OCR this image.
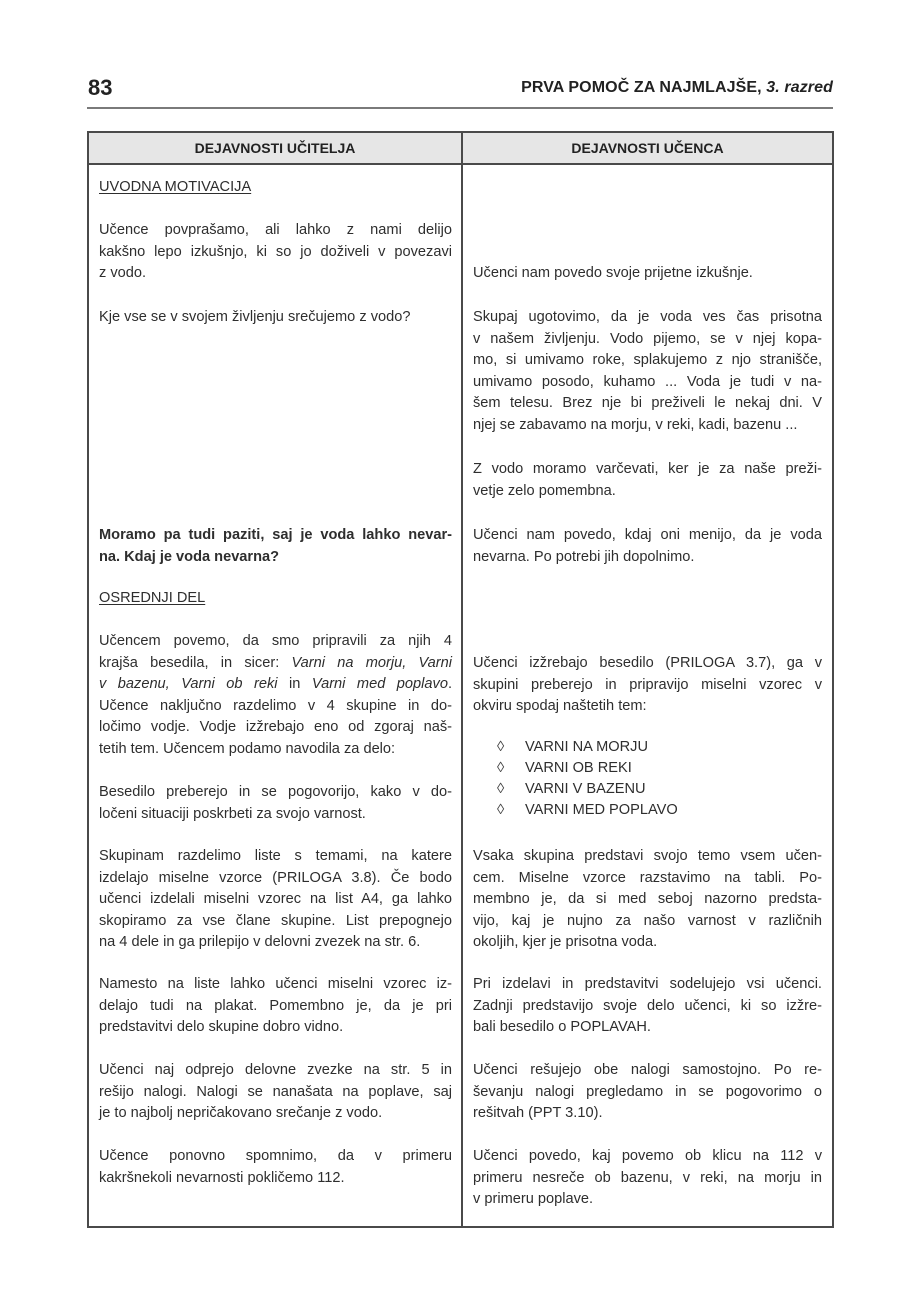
83	PRVA POMOČ ZA NAJMLAJŠE, 3. razred
DEJAVNOSTI UČITELJA	DEJAVNOSTI UČENCA
UVODNA MOTIVACIJA
Učence povprašamo, ali lahko z nami delijo
kakšno lepo izkušnjo, ki so jo doživeli v povezavi
z vodo.
Kje vse se v svojem življenju srečujemo z vodo?
Moramo pa tudi paziti, saj je voda lahko nevar-
na. Kdaj je voda nevarna?
OSREDNJI DEL
Učencem povemo, da smo pripravili za njih 4
krajša besedila, in sicer: Varni na morju, Varni
v bazenu, Varni ob reki in Varni med poplavo.
Učence naključno razdelimo v 4 skupine in do-
ločimo vodje. Vodje izžrebajo eno od zgoraj naš-
tetih tem. Učencem podamo navodila za delo:
Besedilo preberejo in se pogovorijo, kako v do-
ločeni situaciji poskrbeti za svojo varnost.
Skupinam razdelimo liste s temami, na katere
izdelajo miselne vzorce (PRILOGA 3.8). Če bodo
učenci izdelali miselni vzorec na list A4, ga lahko
skopiramo za vse člane skupine. List prepognejo
na 4 dele in ga prilepijo v delovni zvezek na str. 6.
Namesto na liste lahko učenci miselni vzorec iz-
delajo tudi na plakat. Pomembno je, da je pri
predstavitvi delo skupine dobro vidno.
Učenci naj odprejo delovne zvezke na str. 5 in
rešijo nalogi. Nalogi se nanašata na poplave, saj
je to najbolj nepričakovano srečanje z vodo.
Učence ponovno spomnimo, da v primeru
kakršnekoli nevarnosti pokličemo 112.
Učenci nam povedo svoje prijetne izkušnje.
Skupaj ugotovimo, da je voda ves čas prisotna
v našem življenju. Vodo pijemo, se v njej kopa-
mo, si umivamo roke, splakujemo z njo stranišče,
umivamo posodo, kuhamo ... Voda je tudi v na-
šem telesu. Brez nje bi preživeli le nekaj dni. V
njej se zabavamo na morju, v reki, kadi, bazenu ...
Z vodo moramo varčevati, ker je za naše preži-
vetje zelo pomembna.
Učenci nam povedo, kdaj oni menijo, da je voda
nevarna. Po potrebi jih dopolnimo.
Učenci izžrebajo besedilo (PRILOGA 3.7), ga v
skupini preberejo in pripravijo miselni vzorec v
okviru spodaj naštetih tem:
◊ VARNI NA MORJU
◊ VARNI OB REKI
◊ VARNI V BAZENU
◊ VARNI MED POPLAVO
Vsaka skupina predstavi svojo temo vsem učen-
cem. Miselne vzorce razstavimo na tabli. Po-
membno je, da si med seboj nazorno predsta-
vijo, kaj je nujno za našo varnost v različnih
okoljih, kjer je prisotna voda.
Pri izdelavi in predstavitvi sodelujejo vsi učenci.
Zadnji predstavijo svoje delo učenci, ki so izžre-
bali besedilo o POPLAVAH.
Učenci rešujejo obe nalogi samostojno. Po re-
ševanju nalogi pregledamo in se pogovorimo o
rešitvah (PPT 3.10).
Učenci povedo, kaj povemo ob klicu na 112 v
primeru nesreče ob bazenu, v reki, na morju in
v primeru poplave.
